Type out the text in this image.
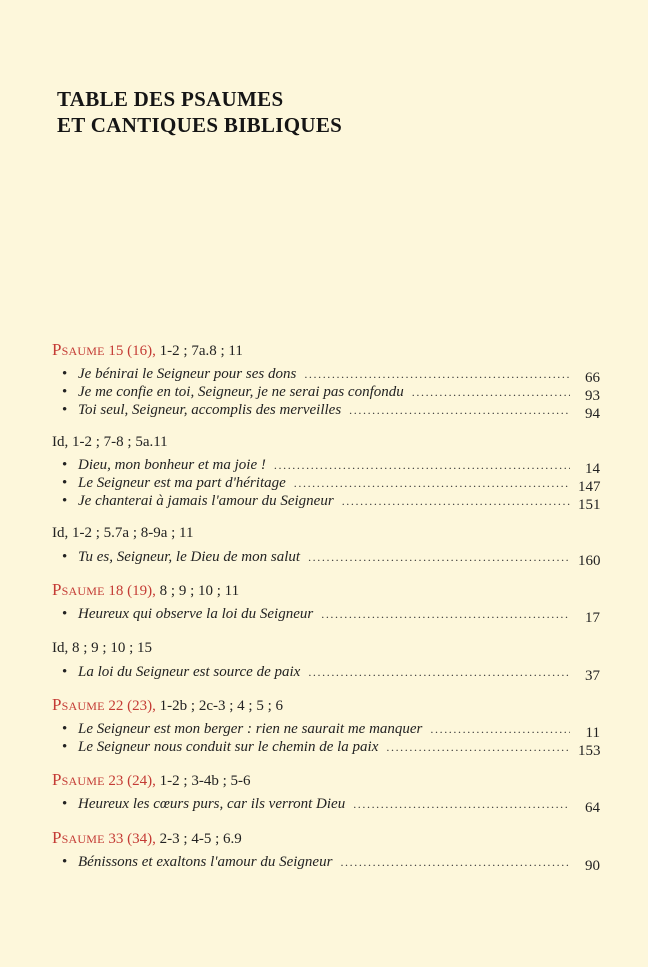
TABLE DES PSAUMES
ET CANTIQUES BIBLIQUES
Psaume 15 (16), 1-2 ; 7a.8 ; 11
• Je bénirai le Seigneur pour ses dons .....	66
• Je me confie en toi, Seigneur, je ne serai pas confondu .....	93
• Toi seul, Seigneur, accomplis des merveilles .....	94
Id, 1-2 ; 7-8 ; 5a.11
• Dieu, mon bonheur et ma joie ! .....	14
• Le Seigneur est ma part d'héritage .....	147
• Je chanterai à jamais l'amour du Seigneur .....	151
Id, 1-2 ; 5.7a ; 8-9a ; 11
• Tu es, Seigneur, le Dieu de mon salut .....	160
Psaume 18 (19), 8 ; 9 ; 10 ; 11
• Heureux qui observe la loi du Seigneur .....	17
Id, 8 ; 9 ; 10 ; 15
• La loi du Seigneur est source de paix .....	37
Psaume 22 (23), 1-2b ; 2c-3 ; 4 ; 5 ; 6
• Le Seigneur est mon berger : rien ne saurait me manquer .....	11
• Le Seigneur nous conduit sur le chemin de la paix .....	153
Psaume 23 (24), 1-2 ; 3-4b ; 5-6
• Heureux les cœurs purs, car ils verront Dieu .....	64
Psaume 33 (34), 2-3 ; 4-5 ; 6.9
• Bénissons et exaltons l'amour du Seigneur .....	90
